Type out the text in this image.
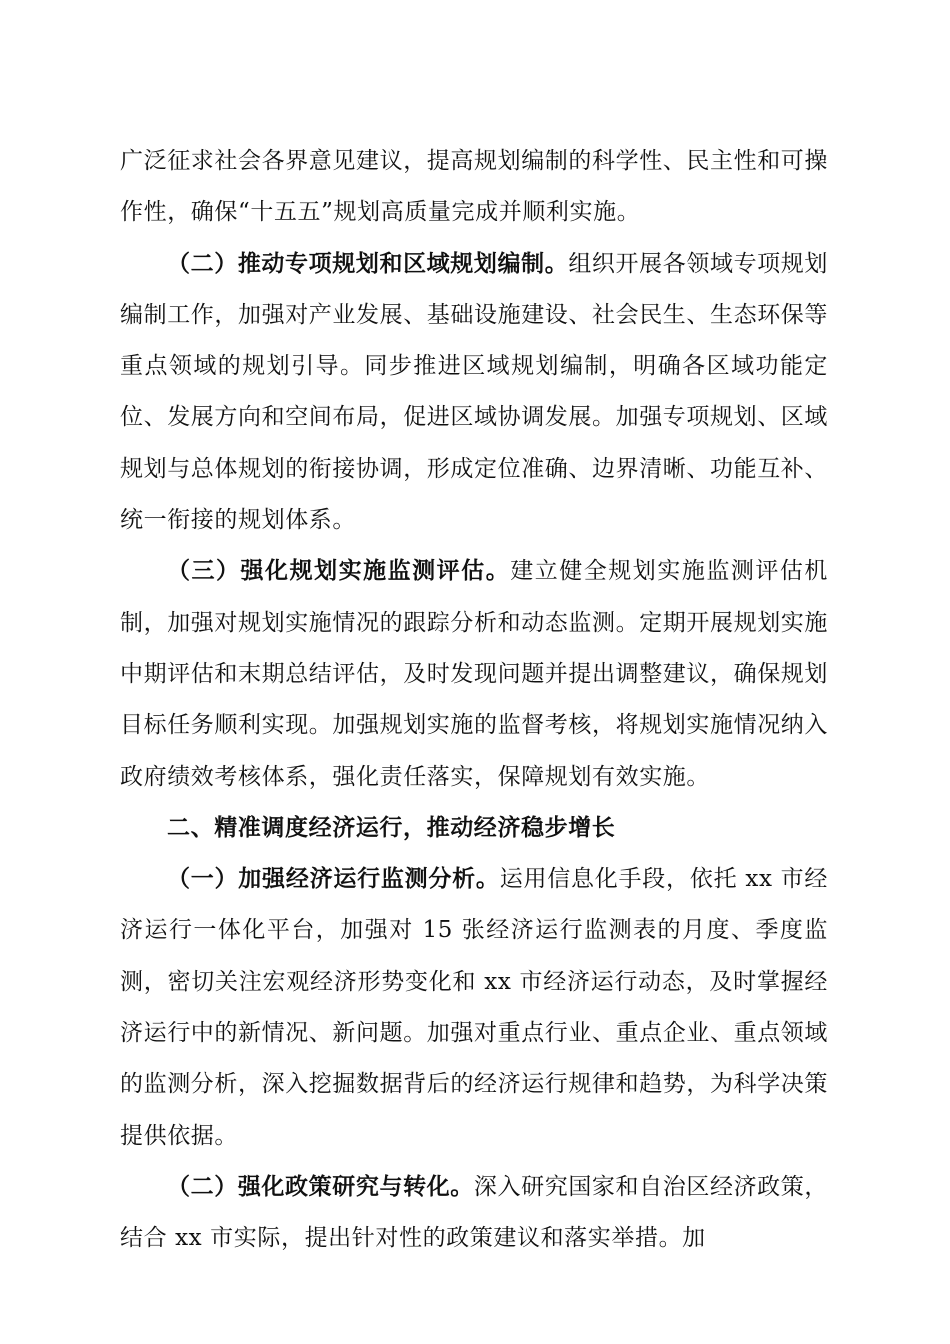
广泛征求社会各界意见建议，提高规划编制的科学性、民主性和可操作性，确保“十五五”规划高质量完成并顺利实施。

（二）推动专项规划和区域规划编制。组织开展各领域专项规划编制工作，加强对产业发展、基础设施建设、社会民生、生态环保等重点领域的规划引导。同步推进区域规划编制，明确各区域功能定位、发展方向和空间布局，促进区域协调发展。加强专项规划、区域规划与总体规划的衔接协调，形成定位准确、边界清晰、功能互补、统一衔接的规划体系。

（三）强化规划实施监测评估。建立健全规划实施监测评估机制，加强对规划实施情况的跟踪分析和动态监测。定期开展规划实施中期评估和末期总结评估，及时发现问题并提出调整建议，确保规划目标任务顺利实现。加强规划实施的监督考核，将规划实施情况纳入政府绩效考核体系，强化责任落实，保障规划有效实施。

二、精准调度经济运行，推动经济稳步增长

（一）加强经济运行监测分析。运用信息化手段，依托 xx 市经济运行一体化平台，加强对 15 张经济运行监测表的月度、季度监测，密切关注宏观经济形势变化和 xx 市经济运行动态，及时掌握经济运行中的新情况、新问题。加强对重点行业、重点企业、重点领域的监测分析，深入挖掘数据背后的经济运行规律和趋势，为科学决策提供依据。

（二）强化政策研究与转化。深入研究国家和自治区经济政策，结合 xx 市实际，提出针对性的政策建议和落实举措。加
